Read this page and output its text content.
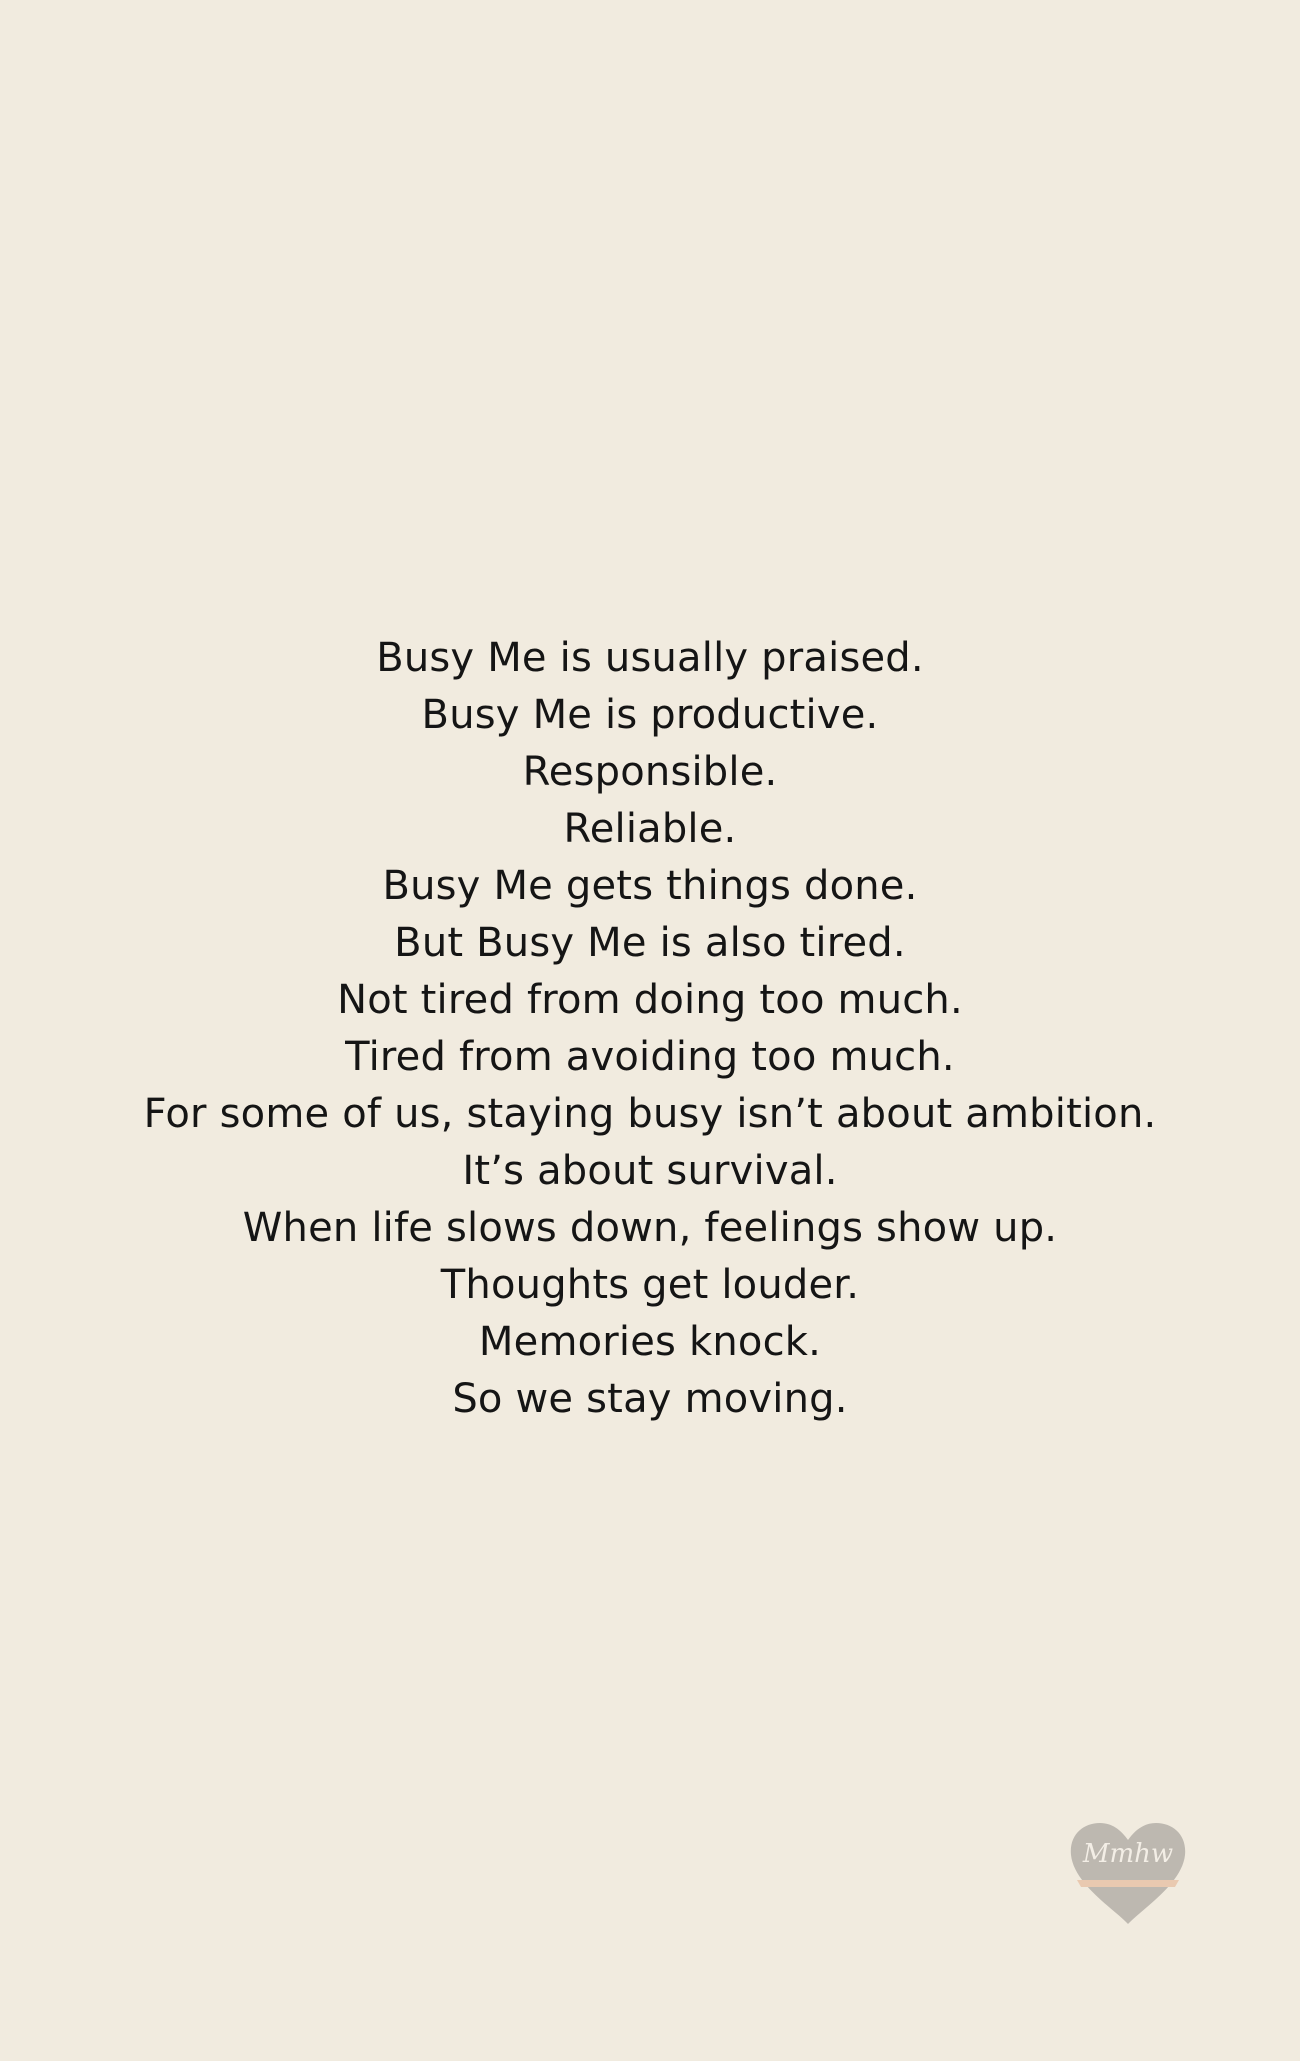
Busy Me is usually praised.
Busy Me is productive.
Responsible.
Reliable.
Busy Me gets things done.
But Busy Me is also tired.
Not tired from doing too much.
Tired from avoiding too much.
For some of us, staying busy isn’t about ambition.
It’s about survival.
When life slows down, feelings show up.
Thoughts get louder.
Memories knock.
So we stay moving.
Mmhw
